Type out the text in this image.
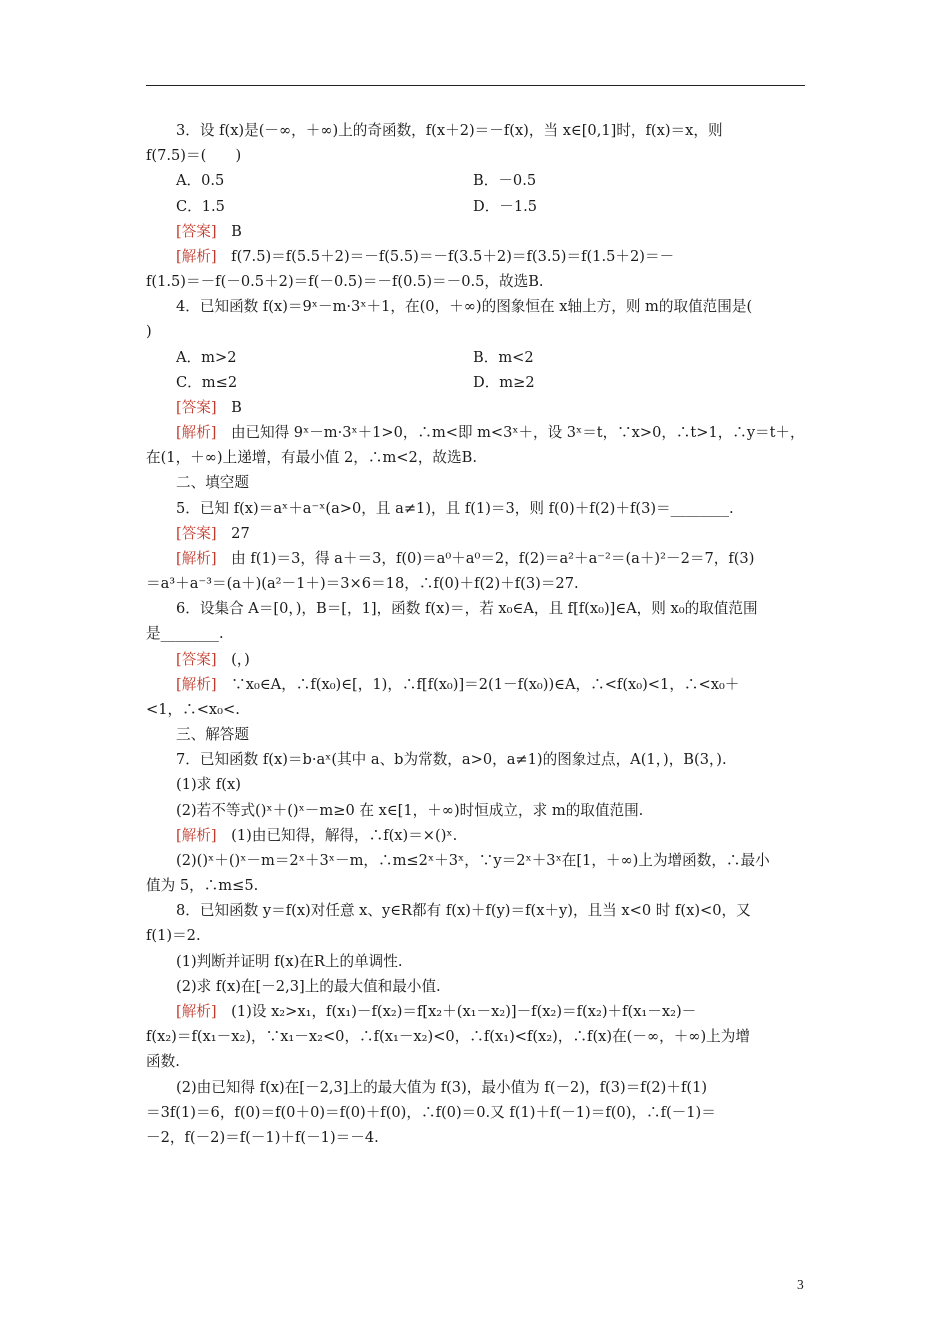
3．设 f(x)是(－∞，＋∞)上的奇函数，f(x＋2)＝－f(x)，当 x∈[0,1]时，f(x)＝x，则
f(7.5)＝(　　)
A．0.5	B．－0.5
C．1.5	D．－1.5
[答案]　B
[解析]　f(7.5)＝f(5.5＋2)＝－f(5.5)＝－f(3.5＋2)＝f(3.5)＝f(1.5＋2)＝－
f(1.5)＝－f(－0.5＋2)＝f(－0.5)＝－f(0.5)＝－0.5，故选B.
4．已知函数 f(x)＝9ˣ－m·3ˣ＋1，在(0，＋∞)的图象恒在 x轴上方，则 m的取值范围是(
)
A．m>2	B．m<2
C．m≤2	D．m≥2
[答案]　B
[解析]　由已知得 9ˣ－m·3ˣ＋1>0，∴m<即 m<3ˣ＋，设 3ˣ＝t，∵x>0，∴t>1，∴y＝t＋，
在(1，＋∞)上递增，有最小值 2，∴m<2，故选B.
二、填空题
5．已知 f(x)＝aˣ＋a⁻ˣ(a>0，且 a≠1)，且 f(1)＝3，则 f(0)＋f(2)＋f(3)＝________.
[答案]　27
[解析]　由 f(1)＝3，得 a＋＝3，f(0)＝a⁰＋a⁰＝2，f(2)＝a²＋a⁻²＝(a＋)²－2＝7，f(3)
＝a³＋a⁻³＝(a＋)(a²－1＋)＝3×6＝18，∴f(0)＋f(2)＋f(3)＝27.
6．设集合 A＝[0，)，B＝[，1]，函数 f(x)＝，若 x₀∈A，且 f[f(x₀)]∈A，则 x₀的取值范围
是________.
[答案]　(，)
[解析]　∵x₀∈A，∴f(x₀)∈[，1)，∴f[f(x₀)]＝2(1－f(x₀))∈A，∴<f(x₀)<1，∴<x₀＋
<1，∴<x₀<.
三、解答题
7．已知函数 f(x)＝b·aˣ(其中 a、b为常数，a>0，a≠1)的图象过点，A(1，)，B(3，).
(1)求 f(x)
(2)若不等式()ˣ＋()ˣ－m≥0 在 x∈[1，＋∞)时恒成立，求 m的取值范围.
[解析]　(1)由已知得，解得，∴f(x)＝×()ˣ.
(2)()ˣ＋()ˣ－m＝2ˣ＋3ˣ－m，∴m≤2ˣ＋3ˣ，∵y＝2ˣ＋3ˣ在[1，＋∞)上为增函数，∴最小
值为 5，∴m≤5.
8．已知函数 y＝f(x)对任意 x、y∈R都有 f(x)＋f(y)＝f(x＋y)，且当 x<0 时 f(x)<0，又
f(1)＝2.
(1)判断并证明 f(x)在R上的单调性.
(2)求 f(x)在[－2,3]上的最大值和最小值.
[解析]　(1)设 x₂>x₁，f(x₁)－f(x₂)＝f[x₂＋(x₁－x₂)]－f(x₂)＝f(x₂)＋f(x₁－x₂)－
f(x₂)＝f(x₁－x₂)，∵x₁－x₂<0，∴f(x₁－x₂)<0，∴f(x₁)<f(x₂)，∴f(x)在(－∞，＋∞)上为增
函数.
(2)由已知得 f(x)在[－2,3]上的最大值为 f(3)，最小值为 f(－2)，f(3)＝f(2)＋f(1)
＝3f(1)＝6，f(0)＝f(0＋0)＝f(0)＋f(0)，∴f(0)＝0.又 f(1)＋f(－1)＝f(0)，∴f(－1)＝
－2，f(－2)＝f(－1)＋f(－1)＝－4.
3
